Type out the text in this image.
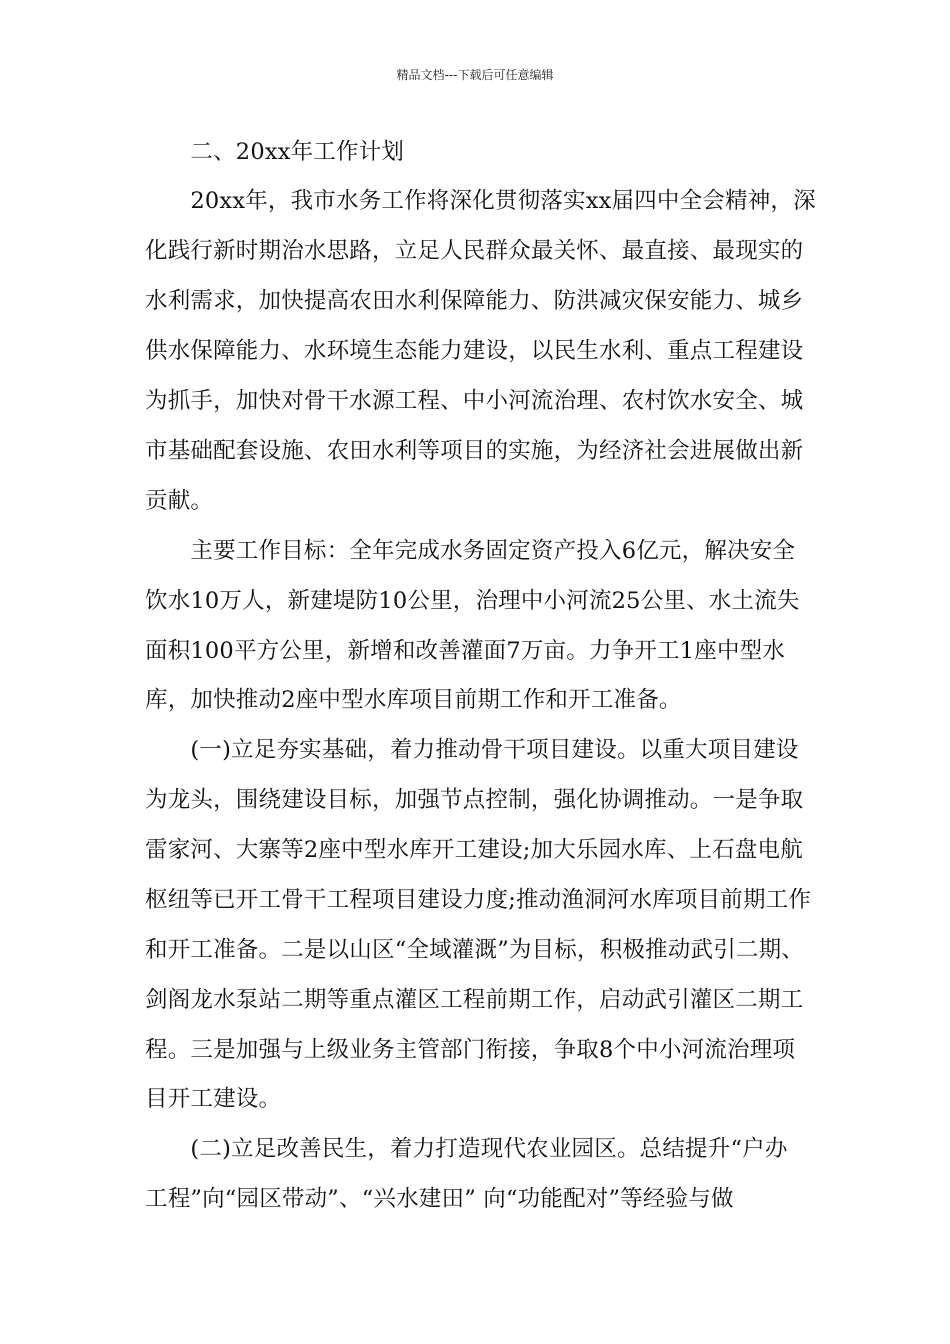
精品文档---下载后可任意编辑
　　二、20xx年工作计划
　　20xx年，我市水务工作将深化贯彻落实xx届四中全会精神，深
化践行新时期治水思路，立足人民群众最关怀、最直接、最现实的
水利需求，加快提高农田水利保障能力、防洪减灾保安能力、城乡
供水保障能力、水环境生态能力建设，以民生水利、重点工程建设
为抓手，加快对骨干水源工程、中小河流治理、农村饮水安全、城
市基础配套设施、农田水利等项目的实施，为经济社会进展做出新
贡献。
　　主要工作目标：全年完成水务固定资产投入6亿元，解决安全
饮水10万人，新建堤防10公里，治理中小河流25公里、水土流失
面积100平方公里，新增和改善灌面7万亩。力争开工1座中型水
库，加快推动2座中型水库项目前期工作和开工准备。
　　(一)立足夯实基础，着力推动骨干项目建设。以重大项目建设
为龙头，围绕建设目标，加强节点控制，强化协调推动。一是争取
雷家河、大寨等2座中型水库开工建设;加大乐园水库、上石盘电航
枢纽等已开工骨干工程项目建设力度;推动渔洞河水库项目前期工作
和开工准备。二是以山区“全域灌溉”为目标，积极推动武引二期、
剑阁龙水泵站二期等重点灌区工程前期工作，启动武引灌区二期工
程。三是加强与上级业务主管部门衔接，争取8个中小河流治理项
目开工建设。
　　(二)立足改善民生，着力打造现代农业园区。总结提升“户办
工程”向“园区带动”、“兴水建田” 向“功能配对”等经验与做
